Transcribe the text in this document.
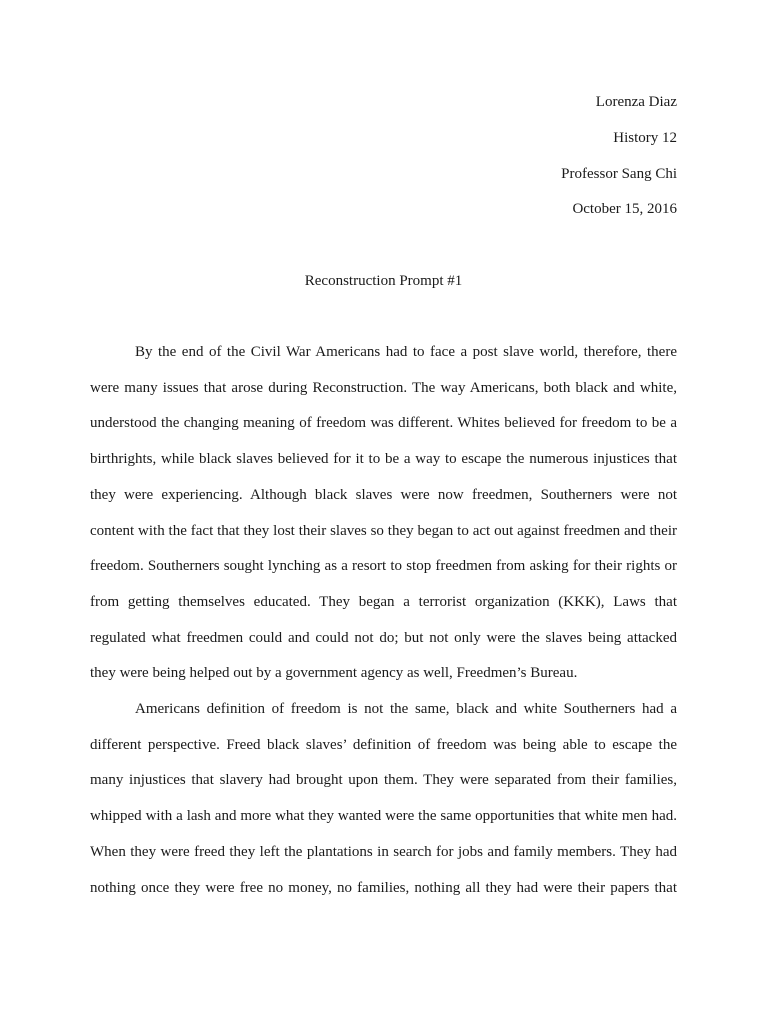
Lorenza Diaz
History 12
Professor Sang Chi
October 15, 2016
Reconstruction Prompt #1
By the end of the Civil War Americans had to face a post slave world, therefore, there
were many issues that arose during Reconstruction. The way Americans, both black and white,
understood the changing meaning of freedom was different. Whites believed for freedom to be a
birthrights, while black slaves believed for it to be a way to escape the numerous injustices that
they were experiencing. Although black slaves were now freedmen, Southerners were not
content with the fact that they lost their slaves so they began to act out against freedmen and their
freedom. Southerners sought lynching as a resort to stop freedmen from asking for their rights or
from getting themselves educated. They began a terrorist organization (KKK), Laws that
regulated what freedmen could and could not do; but not only were the slaves being attacked
they were being helped out by a government agency as well, Freedmen’s Bureau.
Americans definition of freedom is not the same, black and white Southerners had a
different perspective. Freed black slaves’ definition of freedom was being able to escape the
many injustices that slavery had brought upon them. They were separated from their families,
whipped with a lash and more what they wanted were the same opportunities that white men had.
When they were freed they left the plantations in search for jobs and family members. They had
nothing once they were free no money, no families, nothing all they had were their papers that
